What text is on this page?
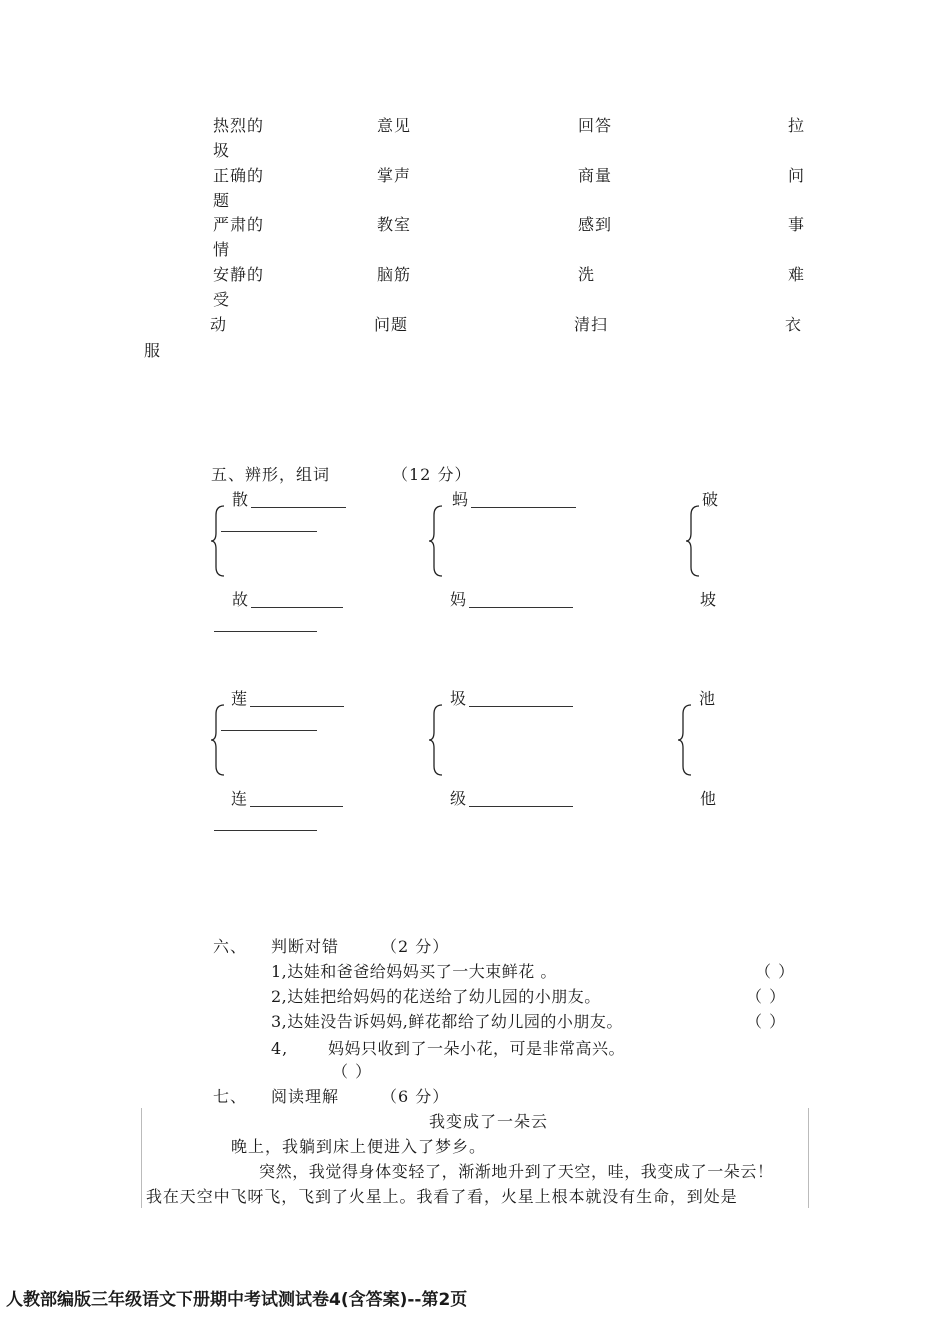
热烈的	意见	回答	拉
圾
正确的	掌声	商量	问
题
严肃的	教室	感到	事
情
安静的	脑筋	洗	难
受
动	问题	清扫	衣
服
五、辨形，组词	（12 分）
散
故
蚂
妈
破
坡
莲
连
圾
级
池
他
六、 判断对错	（2 分）
1,达娃和爸爸给妈妈买了一大束鲜花 。	（ ）
2,达娃把给妈妈的花送给了幼儿园的小朋友。	（ ）
3,达娃没告诉妈妈,鲜花都给了幼儿园的小朋友。	（ ）
4, 妈妈只收到了一朵小花，可是非常高兴。
（ ）
七、 阅读理解	（6 分）
我变成了一朵云
晚上，我躺到床上便进入了梦乡。
突然，我觉得身体变轻了，渐渐地升到了天空，哇，我变成了一朵云！
我在天空中飞呀飞，飞到了火星上。我看了看，火星上根本就没有生命，到处是
人教部编版三年级语文下册期中考试测试卷4(含答案)--第2页
